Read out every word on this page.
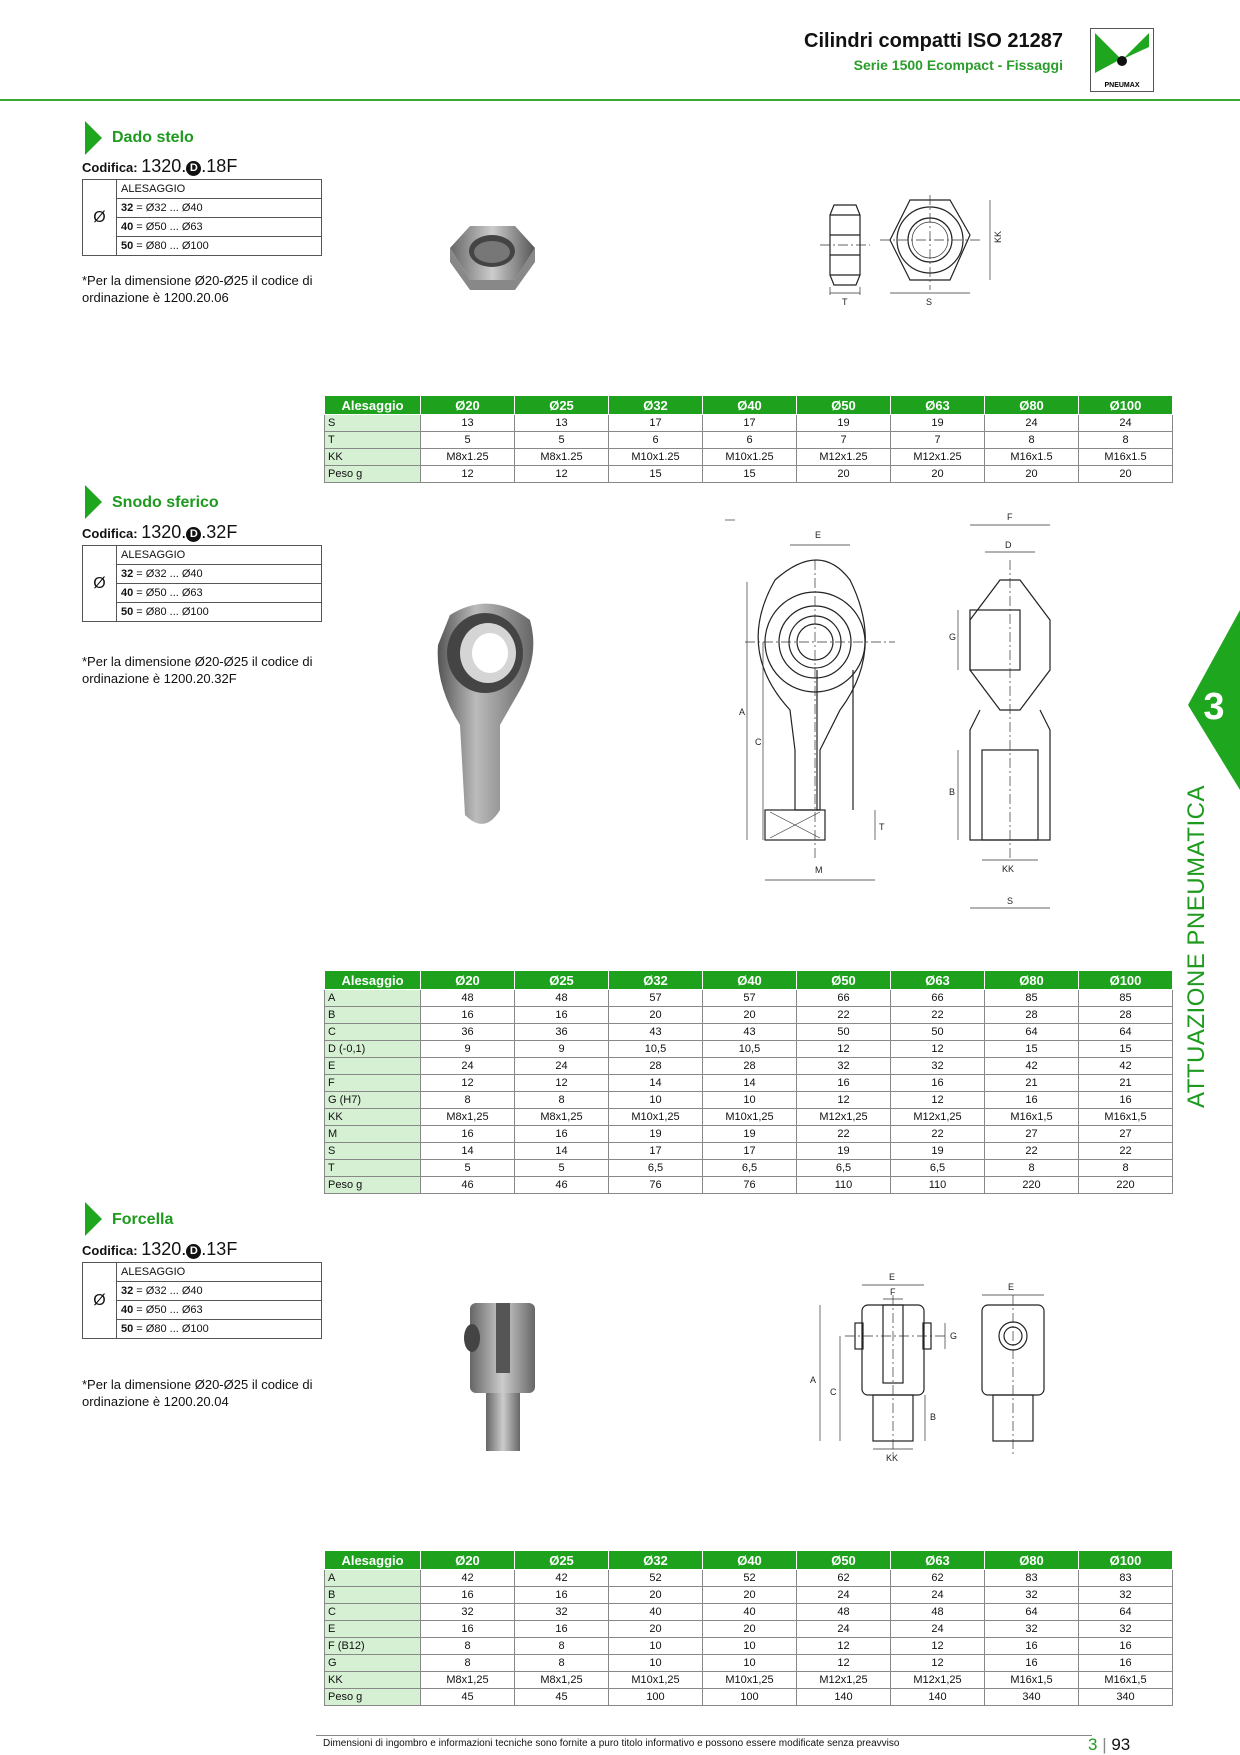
Cilindri compatti ISO 21287
Serie 1500 Ecompact - Fissaggi
PNEUMAX
3
ATTUAZIONE PNEUMATICA
Dado stelo
Codifica: 1320. D .18F
Ø	ALESAGGIO
32 = Ø32 ... Ø40
40 = Ø50 ... Ø63
50 = Ø80 ... Ø100
*Per la dimensione Ø20-Ø25 il codice di ordinazione è 1200.20.06	T	S
KK
Alesaggio	Ø20	Ø25	Ø32	Ø40	Ø50	Ø63	Ø80	Ø100
S	13	13	17	17	19	19	24	24
T	5	5	6	6	7	7	8	8
KK	M8x1.25	M8x1.25	M10x1.25	M10x1.25	M12x1.25	M12x1.25	M16x1.5	M16x1.5
Peso g	12	12	15	15	20	20	20	20
Snodo sferico
Codifica: 1320. D .32F
Ø	ALESAGGIO
32 = Ø32 ... Ø40
40 = Ø50 ... Ø63
50 = Ø80 ... Ø100
*Per la dimensione Ø20-Ø25 il codice di ordinazione è 1200.20.32F
E
A
C
T
M
F
D
G
B
KK
S
Alesaggio	Ø20	Ø25	Ø32	Ø40	Ø50	Ø63	Ø80	Ø100
A	48	48	57	57	66	66	85	85
B	16	16	20	20	22	22	28	28
C	36	36	43	43	50	50	64	64
D (-0,1)	9	9	10,5	10,5	12	12	15	15
E	24	24	28	28	32	32	42	42
F	12	12	14	14	16	16	21	21
G (H7)	8	8	10	10	12	12	16	16
KK	M8x1,25	M8x1,25	M10x1,25	M10x1,25	M12x1,25	M12x1,25	M16x1,5	M16x1,5
M	16	16	19	19	22	22	27	27
S	14	14	17	17	19	19	22	22
T	5	5	6,5	6,5	6,5	6,5	8	8
Peso g	46	46	76	76	110	110	220	220
Forcella
Codifica: 1320. D .13F
Ø	ALESAGGIO
32 = Ø32 ... Ø40
40 = Ø50 ... Ø63
50 = Ø80 ... Ø100
*Per la dimensione Ø20-Ø25 il codice di ordinazione è 1200.20.04
E
F
G
A
C
B
KK
E
Alesaggio	Ø20	Ø25	Ø32	Ø40	Ø50	Ø63	Ø80	Ø100
A	42	42	52	52	62	62	83	83
B	16	16	20	20	24	24	32	32
C	32	32	40	40	48	48	64	64
E	16	16	20	20	24	24	32	32
F (B12)	8	8	10	10	12	12	16	16
G	8	8	10	10	12	12	16	16
KK	M8x1,25	M8x1,25	M10x1,25	M10x1,25	M12x1,25	M12x1,25	M16x1,5	M16x1,5
Peso g	45	45	100	100	140	140	340	340
Dimensioni di ingombro e informazioni tecniche sono fornite a puro titolo informativo e possono essere modificate senza preavviso	3 | 93
